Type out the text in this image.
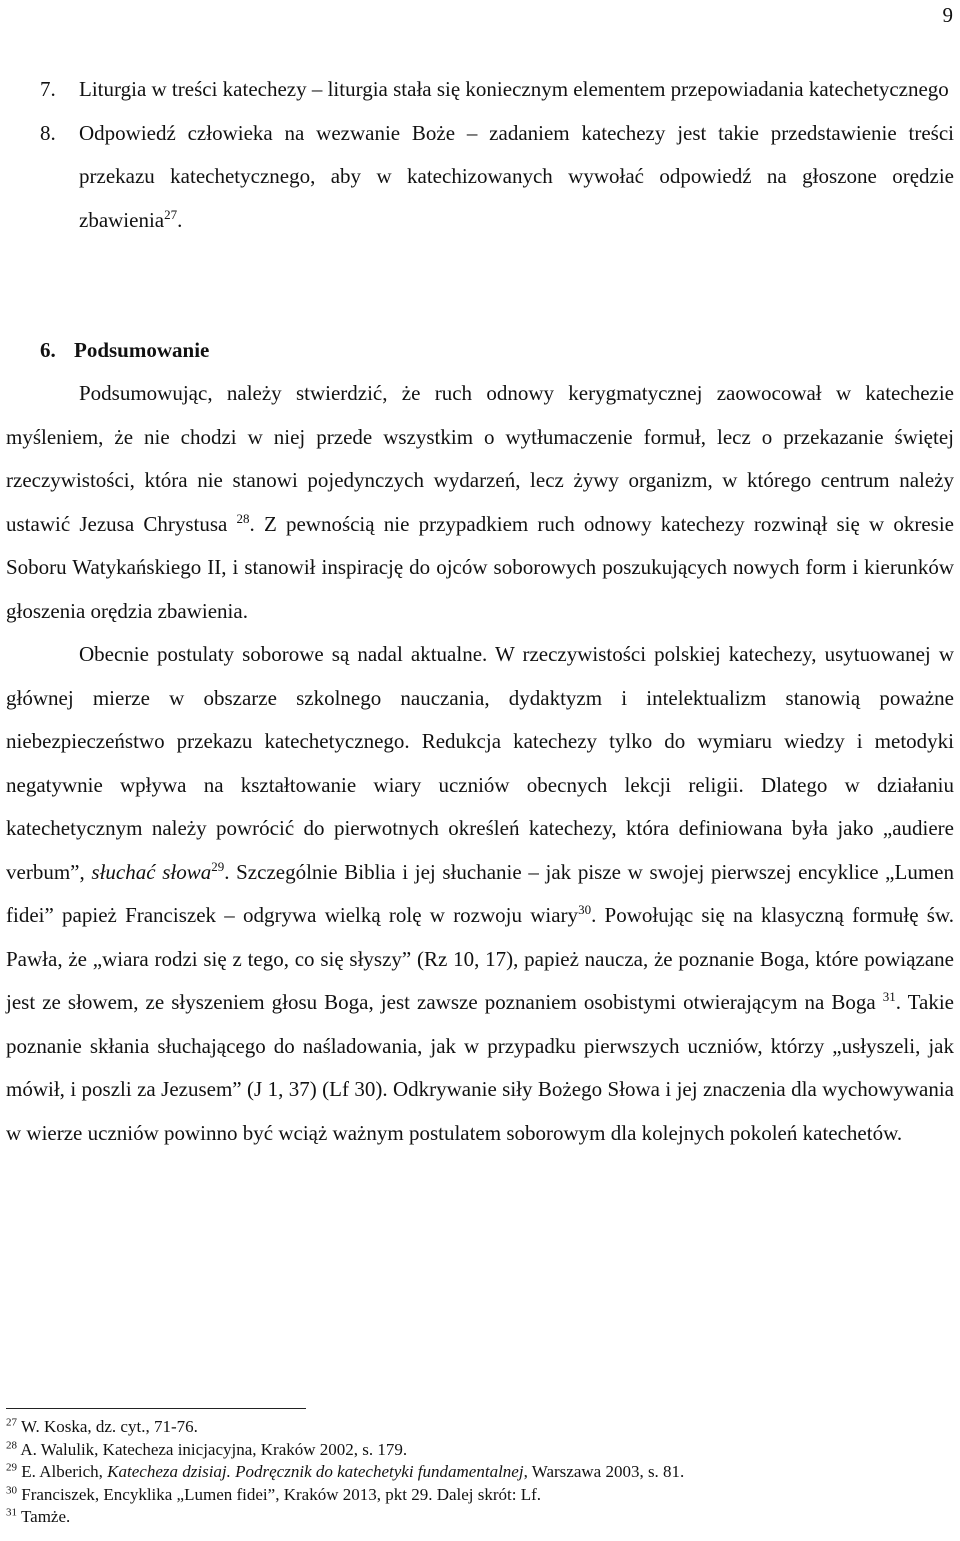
9
7. Liturgia w treści katechezy – liturgia stała się koniecznym elementem przepowiadania katechetycznego
8. Odpowiedź człowieka na wezwanie Boże – zadaniem katechezy jest takie przedstawienie treści przekazu katechetycznego, aby w katechizowanych wywołać odpowiedź na głoszone orędzie zbawienia$^{27}$.
6. Podsumowanie

Podsumowując, należy stwierdzić, że ruch odnowy kerygmatycznej zaowocował w katechezie myśleniem, że nie chodzi w niej przede wszystkim o wytłumaczenie formuł, lecz o przekazanie świętej rzeczywistości, która nie stanowi pojedynczych wydarzeń, lecz żywy organizm, w którego centrum należy ustawić Jezusa Chrystusa $^{28}$. Z pewnością nie przypadkiem ruch odnowy katechezy rozwinął się w okresie Soboru Watykańskiego II, i stanowił inspirację do ojców soborowych poszukujących nowych form i kierunków głoszenia orędzia zbawienia.

Obecnie postulaty soborowe są nadal aktualne. W rzeczywistości polskiej katechezy, usytuowanej w głównej mierze w obszarze szkolnego nauczania, dydaktyzm i intelektualizm stanowią poważne niebezpieczeństwo przekazu katechetycznego. Redukcja katechezy tylko do wymiaru wiedzy i metodyki negatywnie wpływa na kształtowanie wiary uczniów obecnych lekcji religii. Dlatego w działaniu katechetycznym należy powrócić do pierwotnych określeń katechezy, która definiowana była jako „audiere verbum”, słuchać słowa$^{29}$. Szczególnie Biblia i jej słuchanie – jak pisze w swojej pierwszej encyklice „Lumen fidei” papież Franciszek – odgrywa wielką rolę w rozwoju wiary$^{30}$. Powołując się na klasyczną formułę św. Pawła, że „wiara rodzi się z tego, co się słyszy” (Rz 10, 17), papież naucza, że poznanie Boga, które powiązane jest ze słowem, ze słyszeniem głosu Boga, jest zawsze poznaniem osobistymi otwierającym na Boga $^{31}$. Takie poznanie skłania słuchającego do naśladowania, jak w przypadku pierwszych uczniów, którzy „usłyszeli, jak mówił, i poszli za Jezusem” (J 1, 37) (Lf 30). Odkrywanie siły Bożego Słowa i jej znaczenia dla wychowywania w wierze uczniów powinno być wciąż ważnym postulatem soborowym dla kolejnych pokoleń katechetów.

$^{27}$ W. Koska, dz. cyt., 71-76.
$^{28}$ A. Walulik, Katecheza inicjacyjna, Kraków 2002, s. 179.
$^{29}$ E. Alberich, Katecheza dzisiaj. Podręcznik do katechetyki fundamentalnej, Warszawa 2003, s. 81.
$^{30}$ Franciszek, Encyklika „Lumen fidei”, Kraków 2013, pkt 29. Dalej skrót: Lf.
$^{31}$ Tamże.
